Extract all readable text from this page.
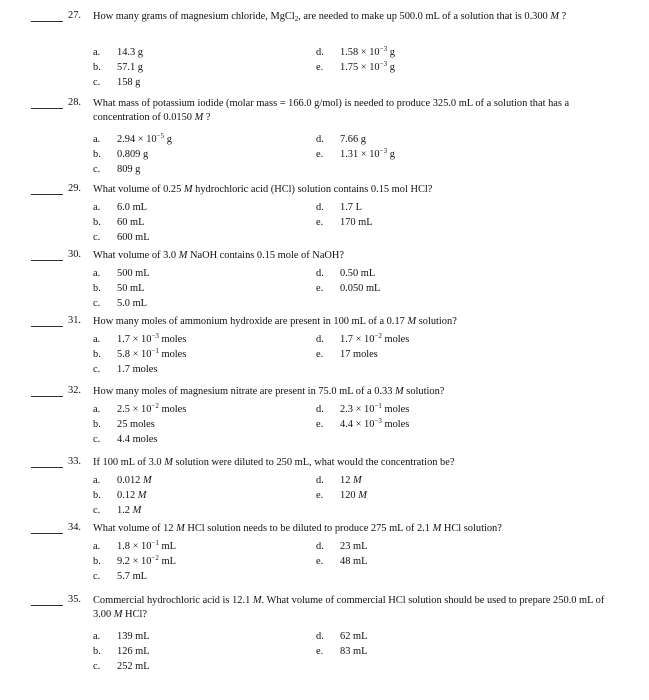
27. How many grams of magnesium chloride, MgCl$_2$, are needed to make up 500.0 mL of a solution that is 0.300 M ?
a. 14.3 g	d. $1.58 \times 10^{-3}$ g
b. 57.1 g	e. $1.75 \times 10^{-3}$ g
c. 158 g
28. What mass of potassium iodide (molar mass = 166.0 g/mol) is needed to produce 325.0 mL of a solution that has a concentration of 0.0150 M ?
a. $2.94 \times 10^{-5}$ g	d. 7.66 g
b. 0.809 g	e. $1.31 \times 10^{-3}$ g
c. 809 g
29. What volume of 0.25 M hydrochloric acid (HCl) solution contains 0.15 mol HCl?
a. 6.0 mL	d. 1.7 L
b. 60 mL	e. 170 mL
c. 600 mL
30. What volume of 3.0 M NaOH contains 0.15 mole of NaOH?
a. 500 mL	d. 0.50 mL
b. 50 mL	e. 0.050 mL
c. 5.0 mL
31. How many moles of ammonium hydroxide are present in 100 mL of a 0.17 M solution?
a. $1.7 \times 10^{-3}$ moles	d. $1.7 \times 10^{-2}$ moles
b. $5.8 \times 10^{-1}$ moles	e. 17 moles
c. 1.7 moles
32. How many moles of magnesium nitrate are present in 75.0 mL of a 0.33 M solution?
a. $2.5 \times 10^{-2}$ moles	d. $2.3 \times 10^{-1}$ moles
b. 25 moles	e. $4.4 \times 10^{-3}$ moles
c. 4.4 moles
33. If 100 mL of 3.0 M solution were diluted to 250 mL, what would the concentration be?
a. 0.012 M	d. 12 M
b. 0.12 M	e. 120 M
c. 1.2 M
34. What volume of 12 M HCl solution needs to be diluted to produce 275 mL of 2.1 M HCl solution?
a. $1.8 \times 10^{-1}$ mL	d. 23 mL
b. $9.2 \times 10^{-2}$ mL	e. 48 mL
c. 5.7 mL
35. Commercial hydrochloric acid is 12.1 M. What volume of commercial HCl solution should be used to prepare 250.0 mL of 3.00 M HCl?
a. 139 mL	d. 62 mL
b. 126 mL	e. 83 mL
c. 252 mL
